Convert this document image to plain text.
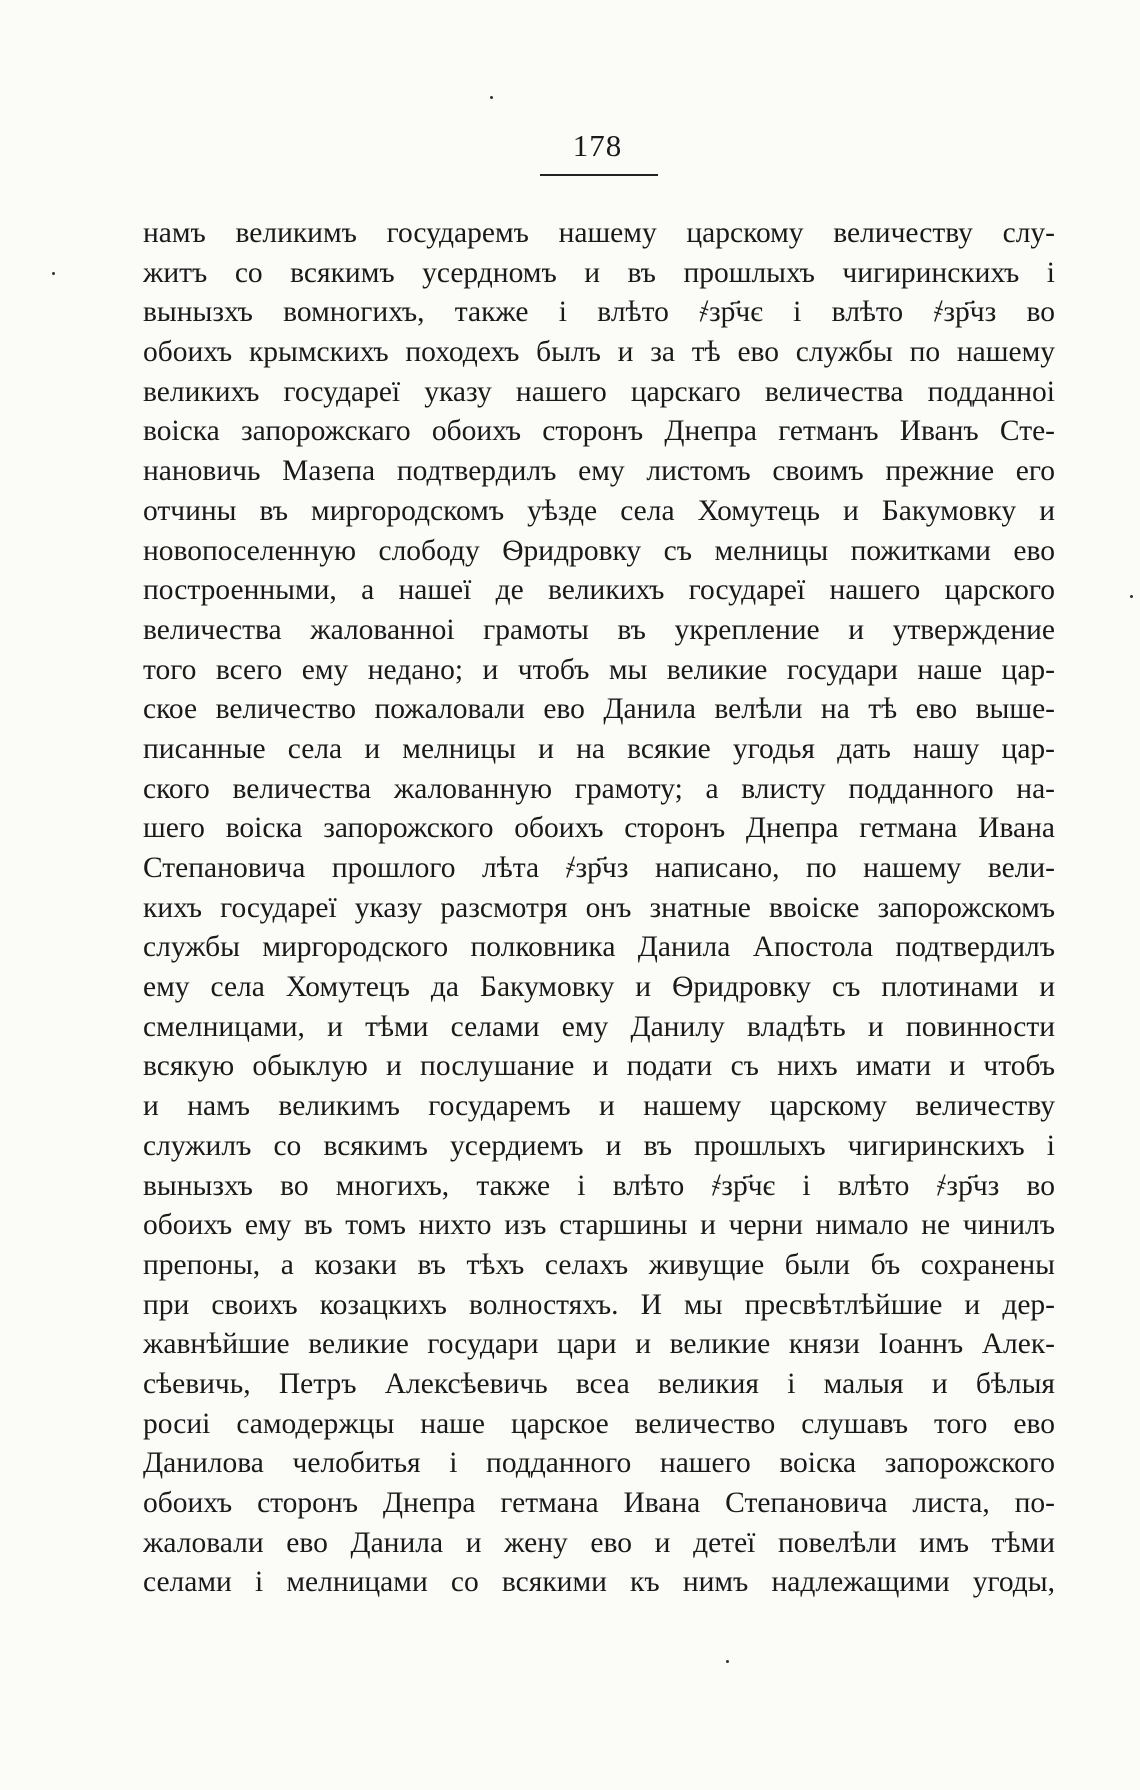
178
намъ великимъ государемъ нашему царскому величеству слу-
житъ со всякимъ усердномъ и въ прошлыхъ чигиринскихъ і
вынызхъ вомногихъ, также і влѣто ҂зр҃чє і влѣто ҂зр҃чз во
обоихъ крымскихъ походехъ былъ и за тѣ ево службы по нашему
великихъ государеї указу нашего царскаго величества подданноі
воiска запорожскаго обоихъ сторонъ Днепра гетманъ Иванъ Сте-
нановичь Мазепа подтвердилъ ему листомъ своимъ прежние его
отчины въ миргородскомъ уѣзде села Хомутець и Бакумовку и
новопоселенную слободу Ѳридровку съ мелницы пожитками ево
построенными, а нашеї де великихъ государеї нашего царского
величества жалованноi грамоты въ укрепление и утверждение
того всего ему недано; и чтобъ мы великие государи наше цар-
ское величество пожаловали ево Данила велѣли на тѣ ево выше-
писанные села и мелницы и на всякие угодья дать нашу цар-
ского величества жалованную грамоту; а влисту подданного на-
шего воiска запорожского обоихъ сторонъ Днепра гетмана Ивана
Степановича прошлого лѣта ҂зр҃чз написано, по нашему вели-
кихъ государеї указу разсмотря онъ знатные ввоiске запорожскомъ
службы миргородского полковника Данила Апостола подтвердилъ
ему села Хомутецъ да Бакумовку и Ѳридровку съ плотинами и
смелницами, и тѣми селами ему Данилу владѣть и повинности
всякую обыклую и послушание и подати съ нихъ имати и чтобъ
и намъ великимъ государемъ и нашему царскому величеству
служилъ со всякимъ усердиемъ и въ прошлыхъ чигиринскихъ і
вынызхъ во многихъ, также і влѣто ҂зр҃чє і влѣто ҂зр҃чз во
обоихъ ему въ томъ нихто изъ старшины и черни нимало не чинилъ
препоны, а козаки въ тѣхъ селахъ живущие были бъ сохранены
при своихъ козацкихъ волностяхъ. И мы пресвѣтлѣйшие и дер-
жавнѣйшие великие государи цари и великие князи Іоаннъ Алек-
сѣевичь, Петръ Алексѣевичь всеа великия і малыя и бѣлыя
росиі самодержцы наше царское величество слушавъ того ево
Данилова челобитья і подданного нашего воiска запорожского
обоихъ сторонъ Днепра гетмана Ивана Степановича листа, по-
жаловали ево Данила и жену ево и детеї повелѣли имъ тѣми
селами і мелницами со всякими къ нимъ надлежащими угоды,
